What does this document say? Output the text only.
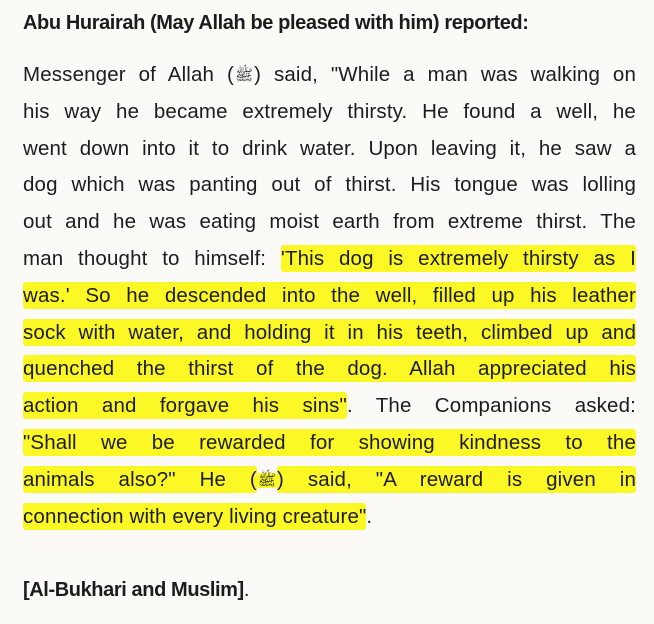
Abu Hurairah (May Allah be pleased with him) reported:
Messenger of Allah (ﷺ) said, "While a man was walking on
his way he became extremely thirsty. He found a well, he
went down into it to drink water. Upon leaving it, he saw a
dog which was panting out of thirst. His tongue was lolling
out and he was eating moist earth from extreme thirst. The
man thought to himself: 'This dog is extremely thirsty as I
was.' So he descended into the well, filled up his leather
sock with water, and holding it in his teeth, climbed up and
quenched the thirst of the dog. Allah appreciated his
action and forgave his sins". The Companions asked:
"Shall we be rewarded for showing kindness to the
animals also?" He (ﷺ) said, "A reward is given in
connection with every living creature".
[Al-Bukhari and Muslim].
